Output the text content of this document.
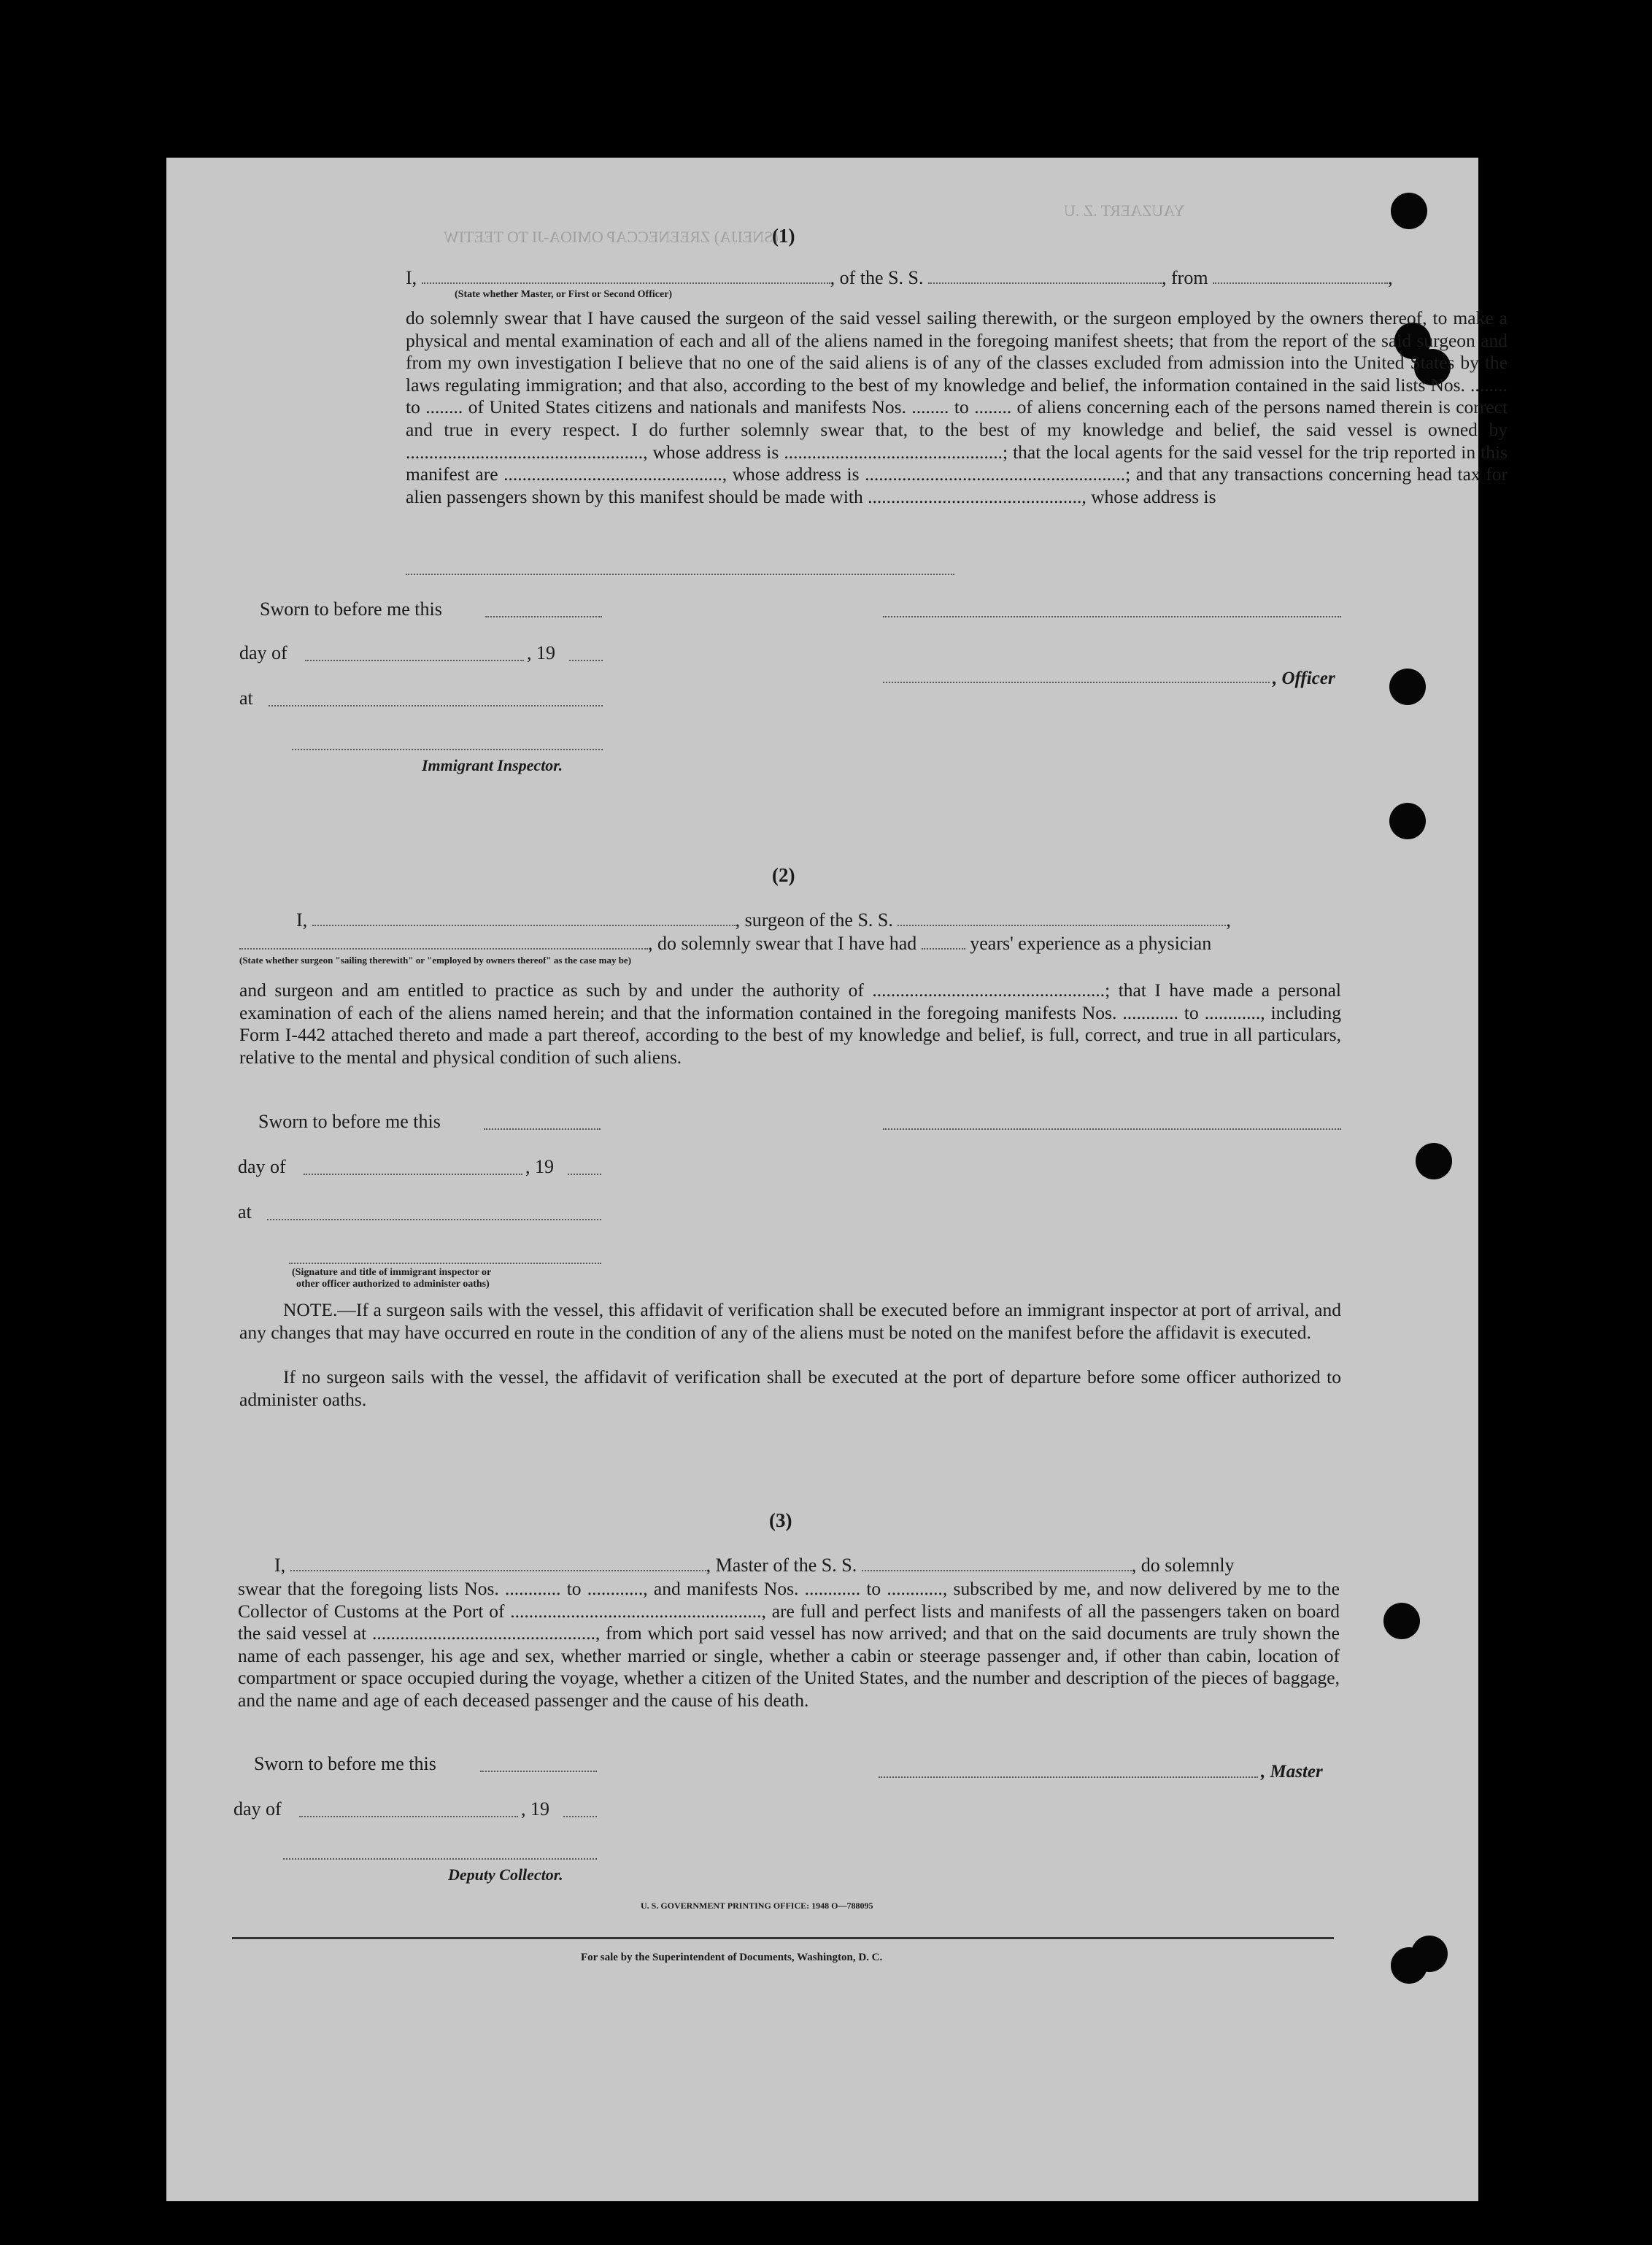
(SNEIJA) ZREENECCAP OMIOA-JI TO TEETIW
YAUZAERT .Z .U
(1)
I,	, of the S. S.	, from	,
(State whether Master, or First or Second Officer)
do solemnly swear that I have caused the surgeon of the said vessel sailing therewith, or the surgeon employed by the owners thereof, to make a physical and mental examination of each and all of the aliens named in the foregoing manifest sheets; that from the report of the said surgeon and from my own investigation I believe that no one of the said aliens is of any of the classes excluded from admission into the United States by the laws regulating immigration; and that also, according to the best of my knowledge and belief, the information contained in the said lists Nos. ........ to ........ of United States citizens and nationals and manifests Nos. ........ to ........ of aliens concerning each of the persons named therein is correct and true in every respect. I do further solemnly swear that, to the best of my knowledge and belief, the said vessel is owned by ..................................................., whose address is ...............................................; that the local agents for the said vessel for the trip reported in this manifest are ..............................................., whose address is ........................................................; and that any transactions concerning head tax for alien passengers shown by this manifest should be made with .............................................., whose address is
Sworn to before me this
day of	, 19
, Officer
at
Immigrant Inspector.
(2)
I,	, surgeon of the S. S.	,
, do solemnly swear that I have had	years' experience as a physician
(State whether surgeon "sailing therewith" or "employed by owners thereof" as the case may be)
and surgeon and am entitled to practice as such by and under the authority of ..................................................; that I have made a personal examination of each of the aliens named herein; and that the information contained in the foregoing manifests Nos. ............ to ............, including Form I-442 attached thereto and made a part thereof, according to the best of my knowledge and belief, is full, correct, and true in all particulars, relative to the mental and physical condition of such aliens.
Sworn to before me this
day of	, 19
at
(Signature and title of immigrant inspector or
other officer authorized to administer oaths)
NOTE.—If a surgeon sails with the vessel, this affidavit of verification shall be executed before an immigrant inspector at port of arrival, and any changes that may have occurred en route in the condition of any of the aliens must be noted on the manifest before the affidavit is executed.
If no surgeon sails with the vessel, the affidavit of verification shall be executed at the port of departure before some officer authorized to administer oaths.
(3)
I,	, Master of the S. S.	, do solemnly
swear that the foregoing lists Nos. ............ to ............, and manifests Nos. ............ to ............, subscribed by me, and now delivered by me to the Collector of Customs at the Port of ......................................................, are full and perfect lists and manifests of all the passengers taken on board the said vessel at ................................................, from which port said vessel has now arrived; and that on the said documents are truly shown the name of each passenger, his age and sex, whether married or single, whether a cabin or steerage passenger and, if other than cabin, location of compartment or space occupied during the voyage, whether a citizen of the United States, and the number and description of the pieces of baggage, and the name and age of each deceased passenger and the cause of his death.
Sworn to before me this	, Master
day of	, 19
Deputy Collector.
U. S. GOVERNMENT PRINTING OFFICE: 1948 O—788095
For sale by the Superintendent of Documents, Washington, D. C.
